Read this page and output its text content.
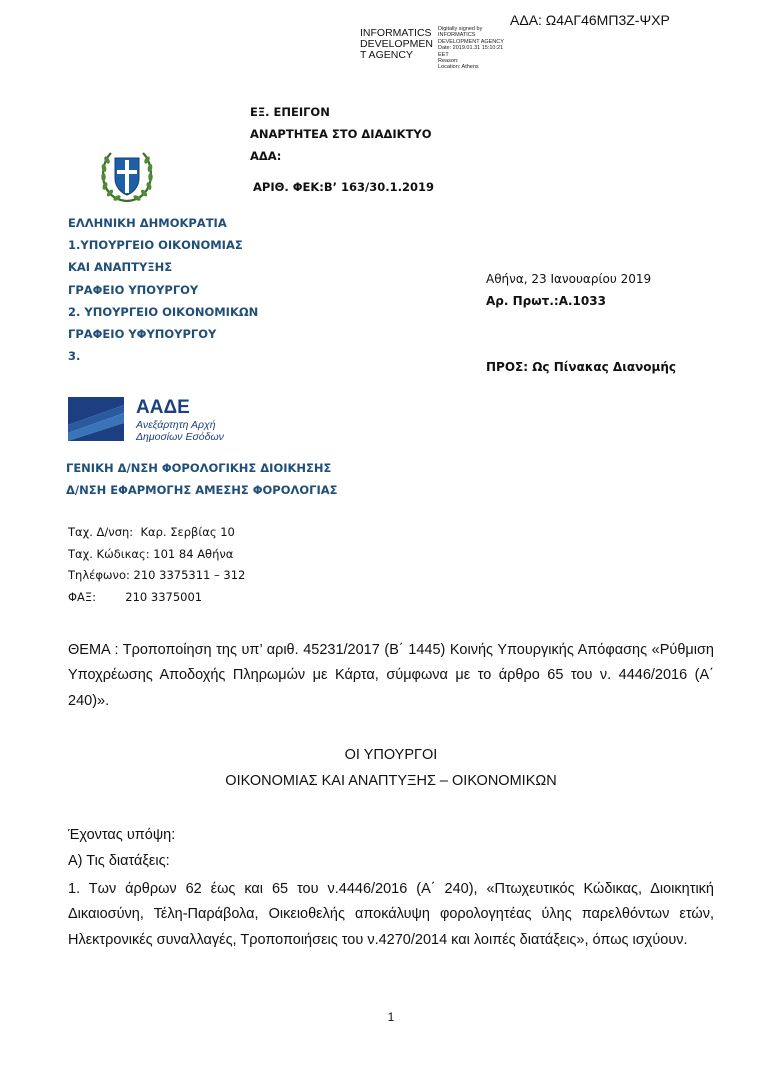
ΑΔΑ: Ω4ΑΓ46ΜΠ3Ζ-ΨΧΡ
INFORMATICS DEVELOPMEN T AGENCY
Digitally signed by
INFORMATICS
DEVELOPMENT AGENCY
Date: 2019.01.31 15:10:21
EET
Reason:
Location: Athens
ΕΞ. ΕΠΕΙΓΟΝ
ΑΝΑΡΤΗΤΕΑ ΣΤΟ ΔΙΑΔΙΚΤΥΟ
ΑΔΑ:
ΑΡΙΘ. ΦΕΚ:Β’ 163/30.1.2019
ΕΛΛΗΝΙΚΗ ΔΗΜΟΚΡΑΤΙΑ
1.ΥΠΟΥΡΓΕΙΟ ΟΙΚΟΝΟΜΙΑΣ
ΚΑΙ ΑΝΑΠΤΥΞΗΣ
ΓΡΑΦΕΙΟ ΥΠΟΥΡΓΟΥ
2. ΥΠΟΥΡΓΕΙΟ ΟΙΚΟΝΟΜΙΚΩΝ
ΓΡΑΦΕΙΟ ΥΦΥΠΟΥΡΓΟΥ
3.
Αθήνα, 23 Ιανουαρίου 2019
Αρ. Πρωτ.:Α.1033
ΠΡΟΣ: Ως Πίνακας Διανομής
ΑΑΔΕ
Ανεξάρτητη Αρχή
Δημοσίων Εσόδων
ΓΕΝΙΚΗ Δ/ΝΣΗ ΦΟΡΟΛΟΓΙΚΗΣ ΔΙΟΙΚΗΣΗΣ
Δ/ΝΣΗ ΕΦΑΡΜΟΓΗΣ ΑΜΕΣΗΣ ΦΟΡΟΛΟΓΙΑΣ
Ταχ. Δ/νση:  Καρ. Σερβίας 10
Ταχ. Κώδικας: 101 84 Αθήνα
Τηλέφωνο: 210 3375311 – 312
ΦΑΞ:        210 3375001
ΘΕΜΑ : Τροποποίηση της υπ’ αριθ. 45231/2017 (Β΄ 1445) Κοινής Υπουργικής Απόφασης «Ρύθμιση Υποχρέωσης Αποδοχής Πληρωμών με Κάρτα, σύμφωνα με το άρθρο 65 του ν. 4446/2016 (Α΄ 240)».
ΟΙ ΥΠΟΥΡΓΟΙ
ΟΙΚΟΝΟΜΙΑΣ ΚΑΙ ΑΝΑΠΤΥΞΗΣ – ΟΙΚΟΝΟΜΙΚΩΝ
Έχοντας υπόψη:
Α) Τις διατάξεις:
1. Των άρθρων 62 έως και 65 του ν.4446/2016 (Α΄ 240), «Πτωχευτικός Κώδικας, Διοικητική Δικαιοσύνη, Τέλη-Παράβολα, Οικειοθελής αποκάλυψη φορολογητέας ύλης παρελθόντων ετών, Ηλεκτρονικές συναλλαγές, Τροποποιήσεις του ν.4270/2014 και λοιπές διατάξεις», όπως ισχύουν.
1
